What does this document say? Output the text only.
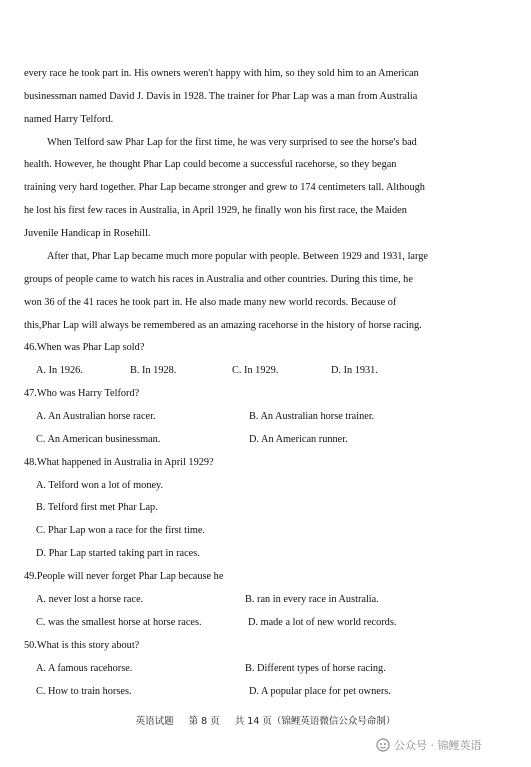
every race he took part in. His owners weren't happy with him, so they sold him to an American
businessman named David J. Davis in 1928. The trainer for Phar Lap was a man from Australia
named Harry Telford.
When Telford saw Phar Lap for the first time, he was very surprised to see the horse's bad
health. However, he thought Phar Lap could become a successful racehorse, so they began
training very hard together. Phar Lap became stronger and grew to 174 centimeters tall. Although
he lost his first few races in Australia, in April 1929, he finally won his first race, the Maiden
Juvenile Handicap in Rosehill.
After that, Phar Lap became much more popular with people. Between 1929 and 1931, large
groups of people came to watch his races in Australia and other countries. During this time, he
won 36 of the 41 races he took part in. He also made many new world records. Because of
this,Phar Lap will always be remembered as an amazing racehorse in the history of horse racing.
46.When was Phar Lap sold?
A. In 1926.	B. In 1928.	C. In 1929.	D. In 1931.
47.Who was Harry Telford?
A. An Australian horse racer.	B. An Australian horse trainer.
C. An American businessman.	D. An American runner.
48.What happened in Australia in April 1929?
A. Telford won a lot of money.
B. Telford first met Phar Lap.
C. Phar Lap won a race for the first time.
D. Phar Lap started taking part in races.
49.People will never forget Phar Lap because he
A. never lost a horse race.	B. ran in every race in Australia.
C. was the smallest horse at horse races.	D. made a lot of new world records.
50.What is this story about?
A. A famous racehorse.	B. Different types of horse racing.
C. How to train horses.	D. A popular place for pet owners.
英语试题 第 8 页 共 14 页（锦鲤英语微信公众号命制）
公众号 · 锦鲤英语
